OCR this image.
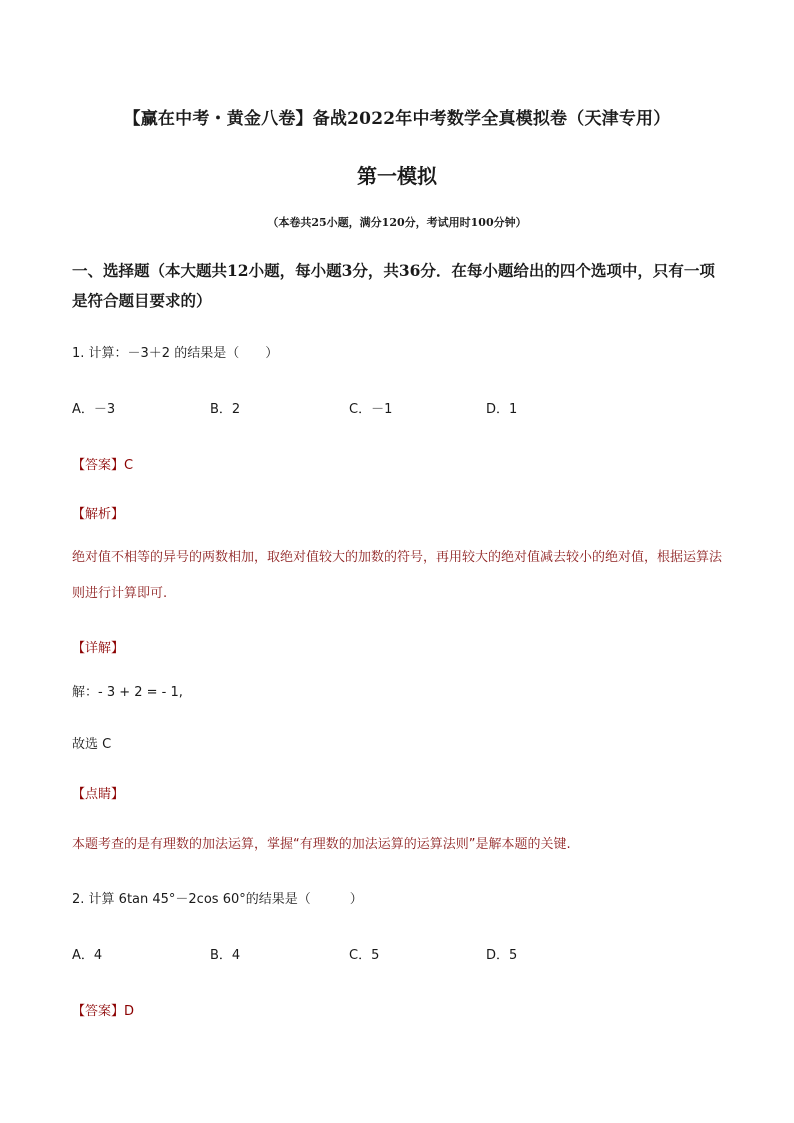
【赢在中考・黄金八卷】备战2022年中考数学全真模拟卷（天津专用）
第一模拟
（本卷共25小题，满分120分，考试用时100分钟）
一、选择题（本大题共12小题，每小题3分，共36分．在每小题给出的四个选项中，只有一项是符合题目要求的）
1. 计算：－3＋2 的结果是（　　）
A．－3	B．2	C．－1	D．1
【答案】C
【解析】
绝对值不相等的异号的两数相加，取绝对值较大的加数的符号，再用较大的绝对值减去较小的绝对值，根据运算法则进行计算即可.
【详解】
解：- 3 + 2 = - 1,
故选 C
【点睛】
本题考查的是有理数的加法运算，掌握“有理数的加法运算的运算法则”是解本题的关键.
2. 计算 6tan 45°－2cos 60°的结果是（　　　）
A．4	B．4	C．5	D．5
【答案】D
